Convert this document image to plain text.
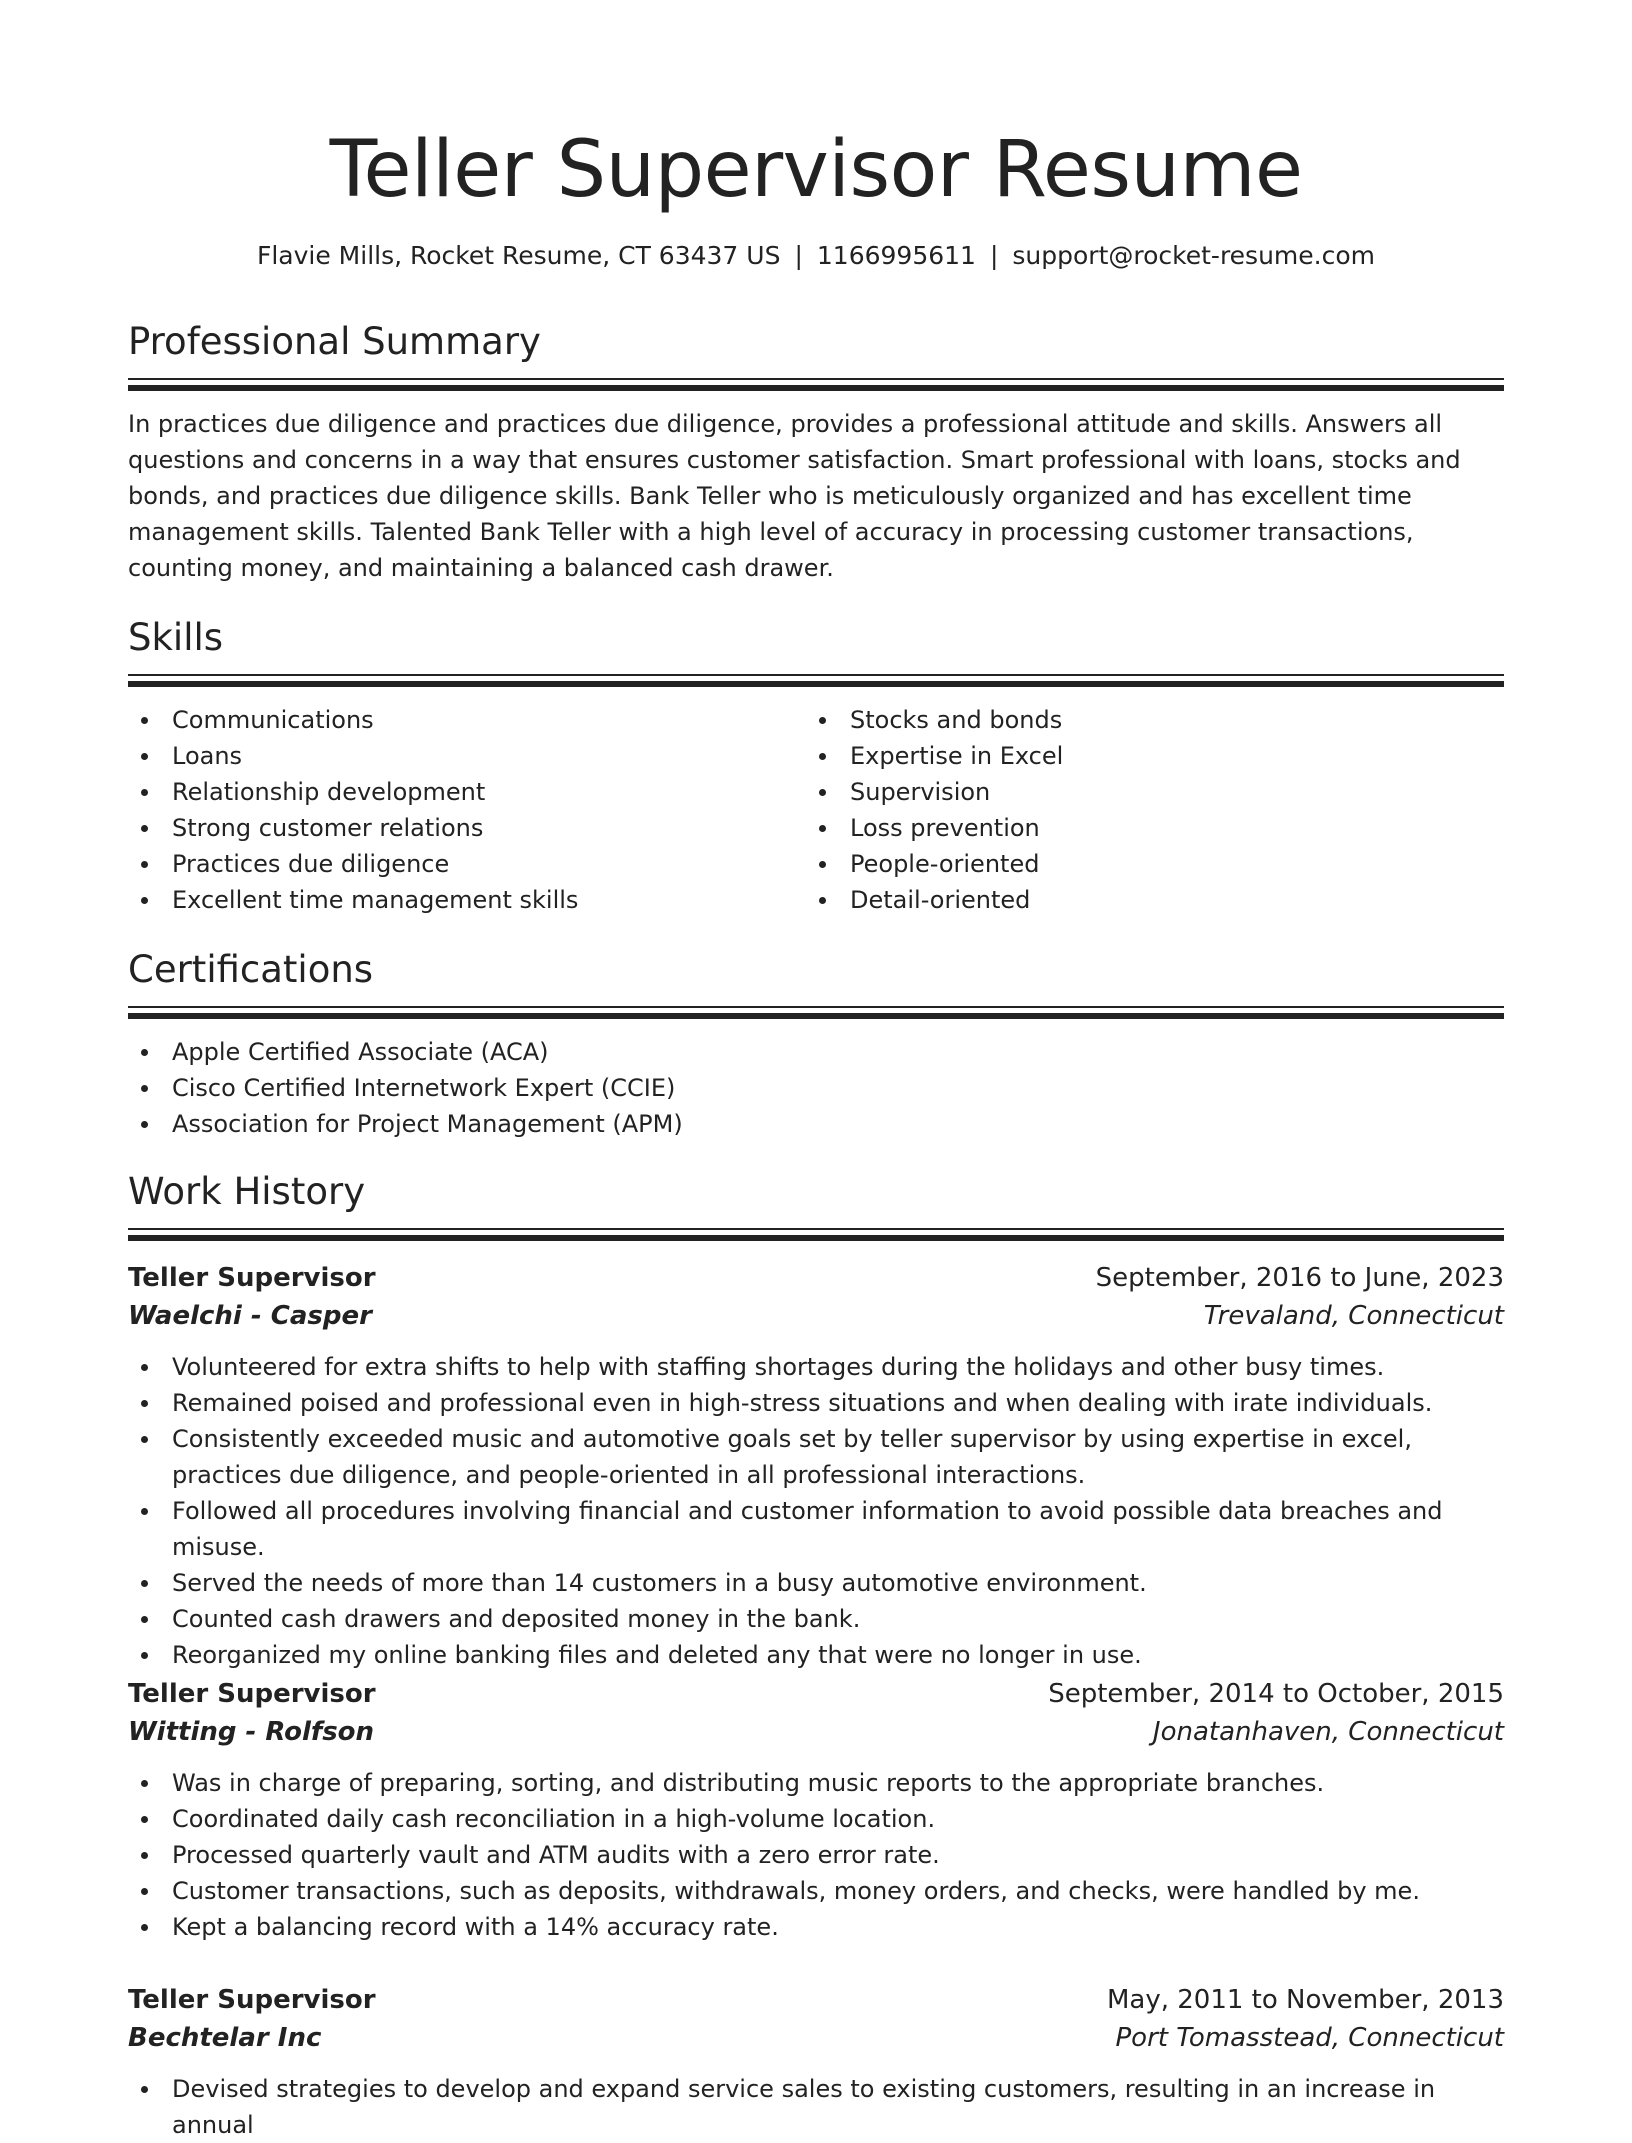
Teller Supervisor Resume
Flavie Mills, Rocket Resume, CT 63437 US | 1166995611 | support@rocket-resume.com
Professional Summary

In practices due diligence and practices due diligence, provides a professional attitude and skills. Answers all questions and concerns in a way that ensures customer satisfaction. Smart professional with loans, stocks and bonds, and practices due diligence skills. Bank Teller who is meticulously organized and has excellent time management skills. Talented Bank Teller with a high level of accuracy in processing customer transactions, counting money, and maintaining a balanced cash drawer.

Skills
Communications
Loans
Relationship development
Strong customer relations
Practices due diligence
Excellent time management skills
Stocks and bonds
Expertise in Excel
Supervision
Loss prevention
People-oriented
Detail-oriented
Certifications
Apple Certified Associate (ACA)
Cisco Certified Internetwork Expert (CCIE)
Association for Project Management (APM)
Work History
Teller Supervisor	September, 2016 to June, 2023
Waelchi - Casper	Trevaland, Connecticut
Volunteered for extra shifts to help with staffing shortages during the holidays and other busy times.
Remained poised and professional even in high-stress situations and when dealing with irate individuals.
Consistently exceeded music and automotive goals set by teller supervisor by using expertise in excel, practices due diligence, and people-oriented in all professional interactions.
Followed all procedures involving financial and customer information to avoid possible data breaches and misuse.
Served the needs of more than 14 customers in a busy automotive environment.
Counted cash drawers and deposited money in the bank.
Reorganized my online banking files and deleted any that were no longer in use.
Teller Supervisor	September, 2014 to October, 2015
Witting - Rolfson	Jonatanhaven, Connecticut
Was in charge of preparing, sorting, and distributing music reports to the appropriate branches.
Coordinated daily cash reconciliation in a high-volume location.
Processed quarterly vault and ATM audits with a zero error rate.
Customer transactions, such as deposits, withdrawals, money orders, and checks, were handled by me.
Kept a balancing record with a 14% accuracy rate.
Teller Supervisor	May, 2011 to November, 2013
Bechtelar Inc	Port Tomasstead, Connecticut
Devised strategies to develop and expand service sales to existing customers, resulting in an increase in annual
